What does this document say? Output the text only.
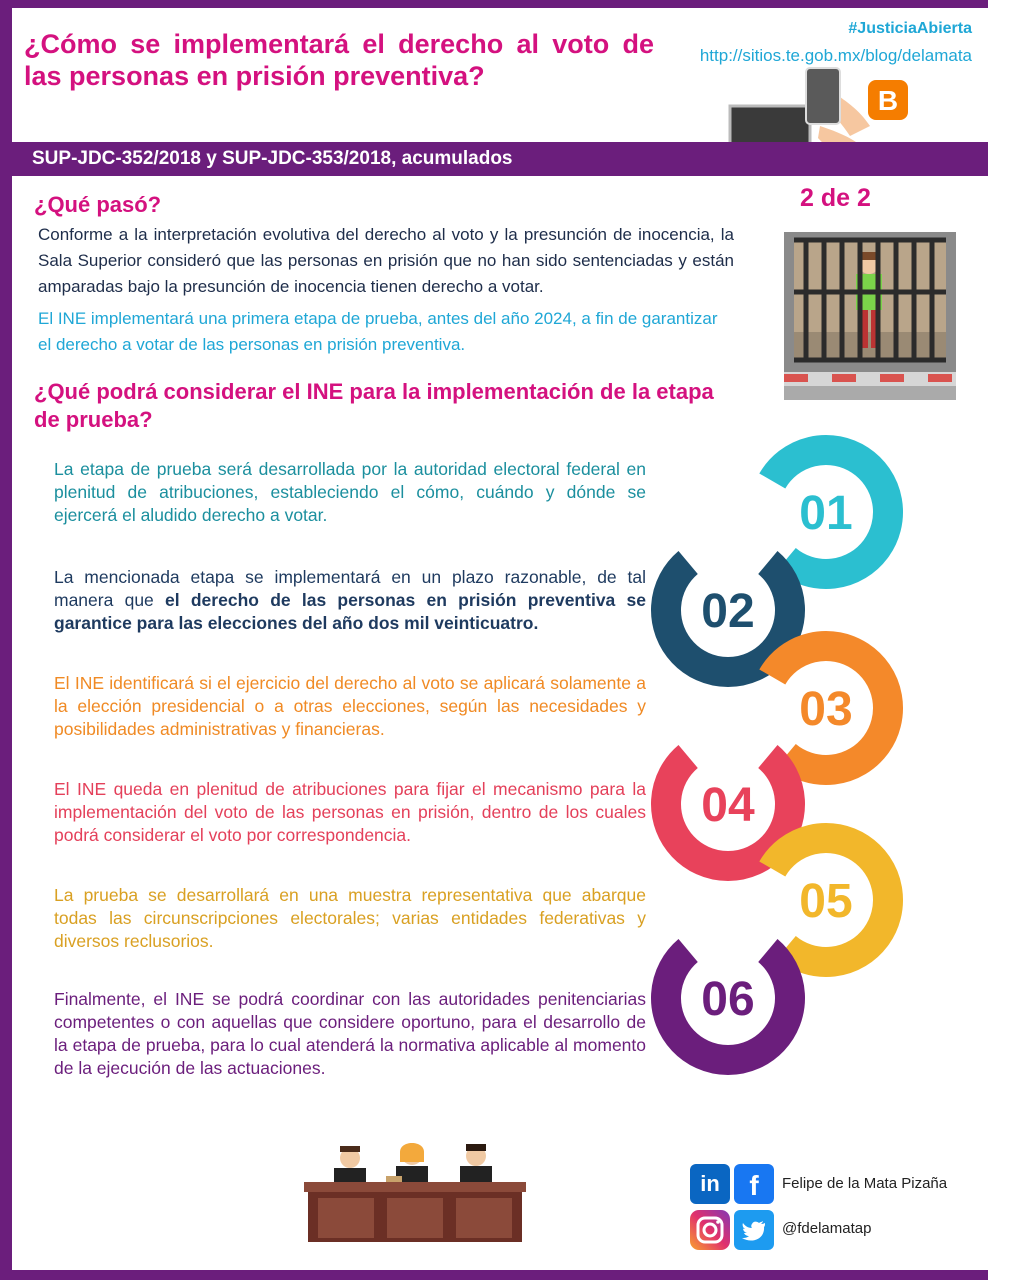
¿Cómo se implementará el derecho al voto de las personas en prisión preventiva?
#JusticiaAbierta
http://sitios.te.gob.mx/blog/delamata
B
SUP-JDC-352/2018 y SUP-JDC-353/2018, acumulados
¿Qué pasó?	2 de 2
Conforme a la interpretación evolutiva del derecho al voto y la presunción de inocencia, la Sala Superior consideró que las personas en prisión que no han sido sentenciadas y están amparadas bajo la presunción de inocencia tienen derecho a votar.
El INE implementará una primera etapa de prueba, antes del año 2024, a fin de garantizar el derecho a votar de las personas en prisión preventiva.
¿Qué podrá considerar el INE para la implementación de la etapa de prueba?
La etapa de prueba será desarrollada por la autoridad electoral federal en plenitud de atribuciones, estableciendo el cómo, cuándo y dónde se ejercerá el aludido derecho a votar.
La mencionada etapa se implementará en un plazo razonable, de tal manera que el derecho de las personas en prisión preventiva se garantice para las elecciones del año dos mil veinticuatro.
El INE identificará si el ejercicio del derecho al voto se aplicará solamente a la elección presidencial o a otras elecciones, según las necesidades y posibilidades administrativas y financieras.
El INE queda en plenitud de atribuciones para fijar el mecanismo para la implementación del voto de las personas en prisión, dentro de los cuales podrá considerar el voto por correspondencia.
La prueba se desarrollará en una muestra representativa que abarque todas las circunscripciones electorales; varias entidades federativas y diversos reclusorios.
Finalmente, el INE se podrá coordinar con las autoridades penitenciarias competentes o con aquellas que considere oportuno, para el desarrollo de la etapa de prueba, para lo cual atenderá la normativa aplicable al momento de la ejecución de las actuaciones.
01
02
03
04
05
06
in	f	Felipe de la Mata Pizaña
@fdelamatap
